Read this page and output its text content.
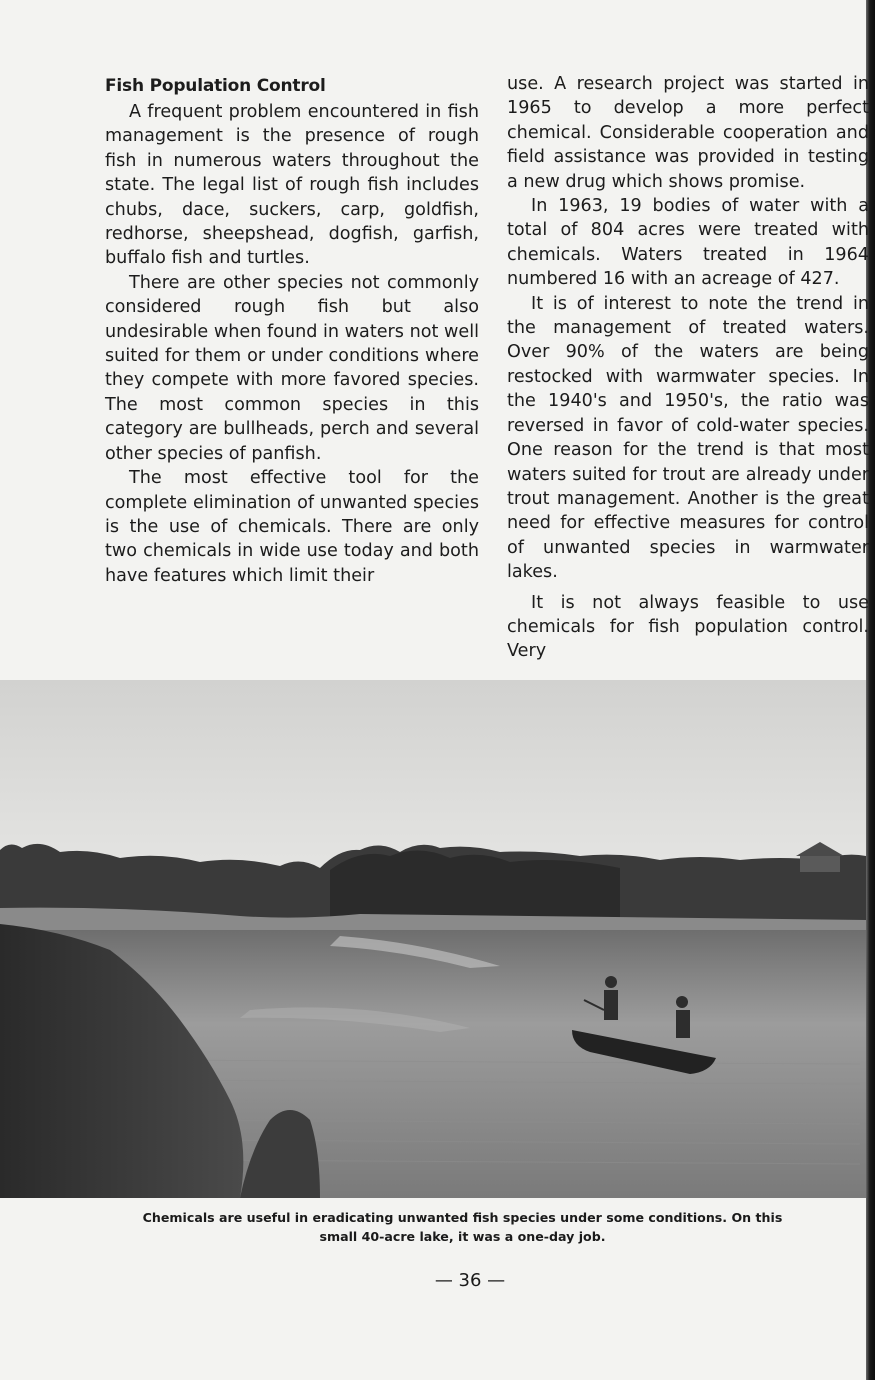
Fish Population Control

A frequent problem encountered in fish management is the presence of rough fish in numerous waters throughout the state. The legal list of rough fish includes chubs, dace, suckers, carp, goldfish, redhorse, sheepshead, dogfish, garfish, buffalo fish and turtles.

There are other species not commonly considered rough fish but also undesirable when found in waters not well suited for them or under conditions where they compete with more favored species. The most common species in this category are bullheads, perch and several other species of panfish.

The most effective tool for the complete elimination of unwanted species is the use of chemicals. There are only two chemicals in wide use today and both have features which limit their

use. A research project was started in 1965 to develop a more perfect chemical. Considerable cooperation and field assistance was provided in testing a new drug which shows promise.

In 1963, 19 bodies of water with a total of 804 acres were treated with chemicals. Waters treated in 1964 numbered 16 with an acreage of 427.

It is of interest to note the trend in the management of treated waters. Over 90% of the waters are being restocked with warmwater species. In the 1940's and 1950's, the ratio was reversed in favor of cold-water species. One reason for the trend is that most waters suited for trout are already under trout management. Another is the great need for effective measures for control of unwanted species in warmwater lakes.

It is not always feasible to use chemicals for fish population control. Very

Chemicals are useful in eradicating unwanted fish species under some conditions. On this
small 40-acre lake, it was a one-day job.
— 36 —
